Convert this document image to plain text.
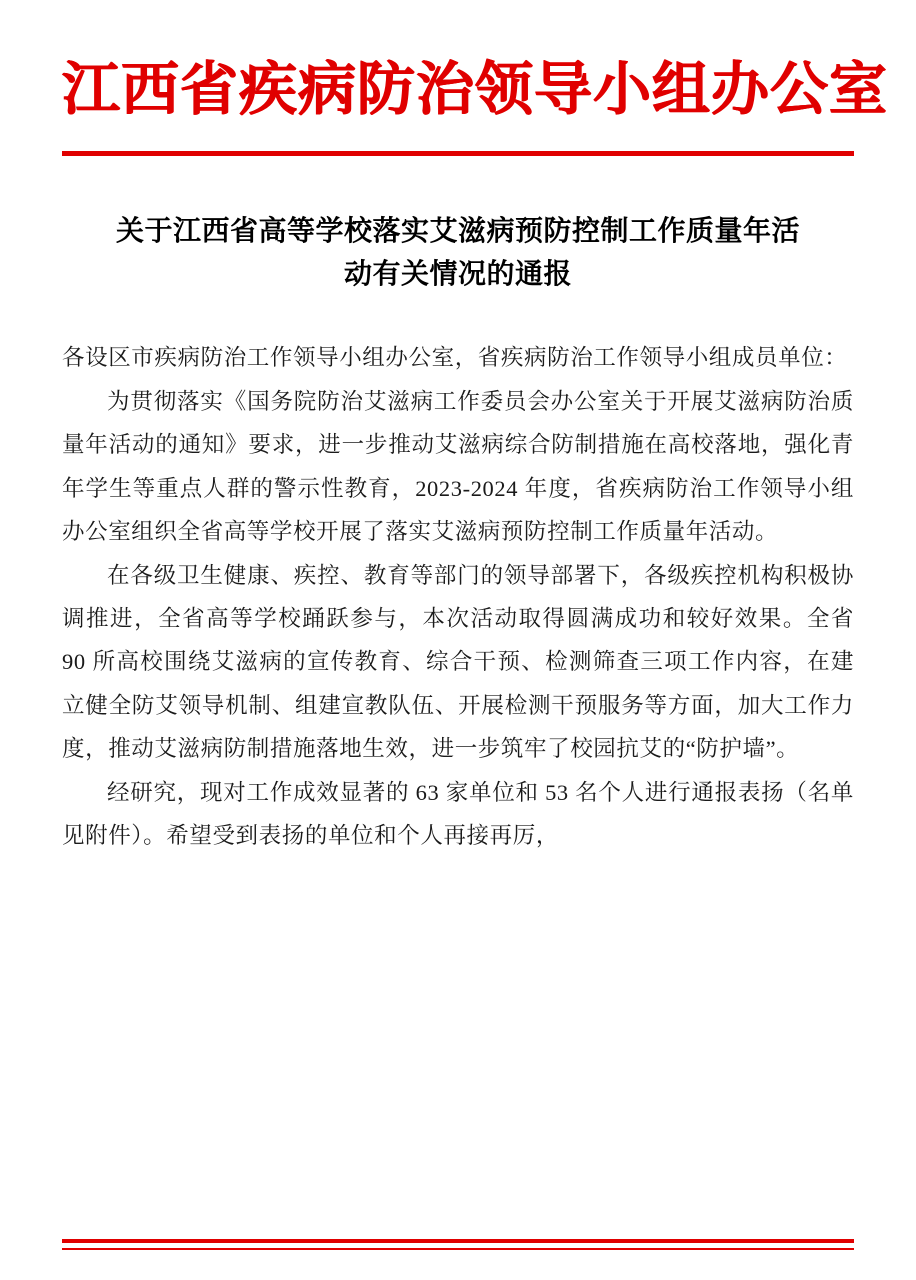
江西省疾病防治领导小组办公室
关于江西省高等学校落实艾滋病预防控制工作质量年活动有关情况的通报

各设区市疾病防治工作领导小组办公室，省疾病防治工作领导小组成员单位：

为贯彻落实《国务院防治艾滋病工作委员会办公室关于开展艾滋病防治质量年活动的通知》要求，进一步推动艾滋病综合防制措施在高校落地，强化青年学生等重点人群的警示性教育，2023-2024 年度，省疾病防治工作领导小组办公室组织全省高等学校开展了落实艾滋病预防控制工作质量年活动。

在各级卫生健康、疾控、教育等部门的领导部署下，各级疾控机构积极协调推进，全省高等学校踊跃参与，本次活动取得圆满成功和较好效果。全省 90 所高校围绕艾滋病的宣传教育、综合干预、检测筛查三项工作内容，在建立健全防艾领导机制、组建宣教队伍、开展检测干预服务等方面，加大工作力度，推动艾滋病防制措施落地生效，进一步筑牢了校园抗艾的“防护墙”。

经研究，现对工作成效显著的 63 家单位和 53 名个人进行通报表扬（名单见附件）。希望受到表扬的单位和个人再接再厉，
